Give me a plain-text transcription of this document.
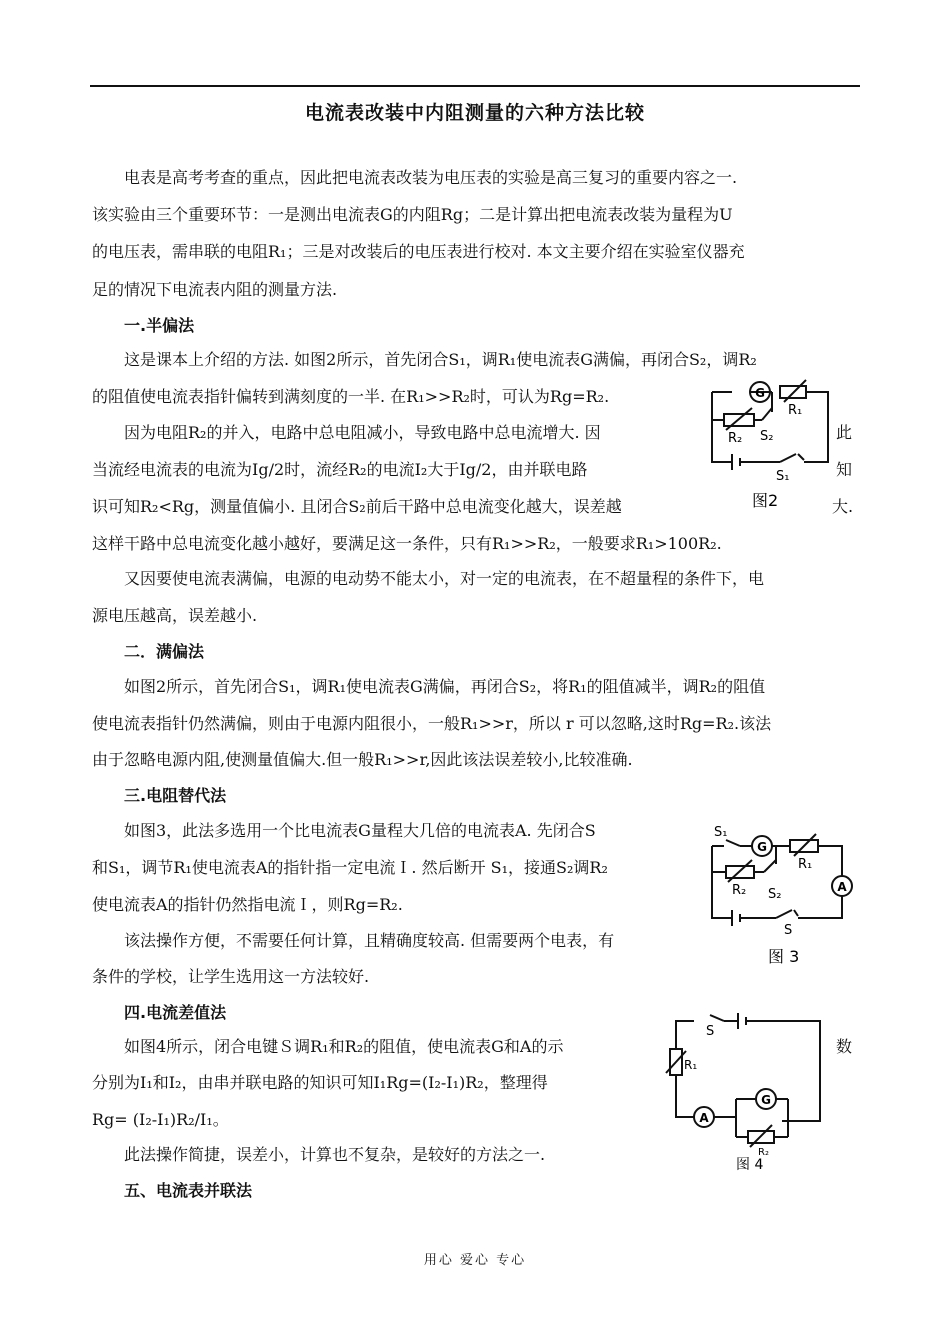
电流表改装中内阻测量的六种方法比较
电表是高考考查的重点，因此把电流表改装为电压表的实验是高三复习的重要内容之一.
该实验由三个重要环节：一是测出电流表G的内阻Rg；二是计算出把电流表改装为量程为U
的电压表，需串联的电阻R₁；三是对改装后的电压表进行校对. 本文主要介绍在实验室仪器充
足的情况下电流表内阻的测量方法.
一.半偏法
这是课本上介绍的方法. 如图2所示，首先闭合S₁，调R₁使电流表G满偏，再闭合S₂，调R₂
的阻值使电流表指针偏转到满刻度的一半. 在R₁>>R₂时，可认为Rg=R₂.
因为电阻R₂的并入，电路中总电阻减小，导致电路中总电流增大. 因	此
当流经电流表的电流为Ig/2时，流经R₂的电流I₂大于Ig/2，由并联电路	知
识可知R₂<Rg，测量值偏小. 且闭合S₂前后干路中总电流变化越大，误差越	大.
这样干路中总电流变化越小越好，要满足这一条件，只有R₁>>R₂，一般要求R₁>100R₂.
又因要使电流表满偏，电源的电动势不能太小，对一定的电流表，在不超量程的条件下，电
源电压越高，误差越小.
二．满偏法
如图2所示，首先闭合S₁，调R₁使电流表G满偏，再闭合S₂，将R₁的阻值减半，调R₂的阻值
使电流表指针仍然满偏，则由于电源内阻很小，一般R₁>>r，所以 r 可以忽略,这时Rg=R₂.该法
由于忽略电源内阻,使测量值偏大.但一般R₁>>r,因此该法误差较小,比较准确.
三.电阻替代法
如图3，此法多选用一个比电流表G量程大几倍的电流表A. 先闭合S
和S₁，调节R₁使电流表A的指针指一定电流Ｉ. 然后断开 S₁，接通S₂调R₂
使电流表A的指针仍然指电流Ｉ，则Rg=R₂.
该法操作方便，不需要任何计算，且精确度较高. 但需要两个电表，有
条件的学校，让学生选用这一方法较好.
四.电流差值法
如图4所示，闭合电键Ｓ调R₁和R₂的阻值，使电流表G和A的示	数
分别为I₁和I₂，由串并联电路的知识可知I₁Rg=(I₂-I₁)R₂，整理得
Rg= (I₂-I₁)R₂/I₁。
此法操作简捷，误差小，计算也不复杂，是较好的方法之一.
五、电流表并联法
G
R₁
R₂ S₂
S₁
图2
S₁
G
R₁
R₂ S₂	A
S
图 3
S
R₁
A
G
R₂
图 4
用心 爱心 专心
